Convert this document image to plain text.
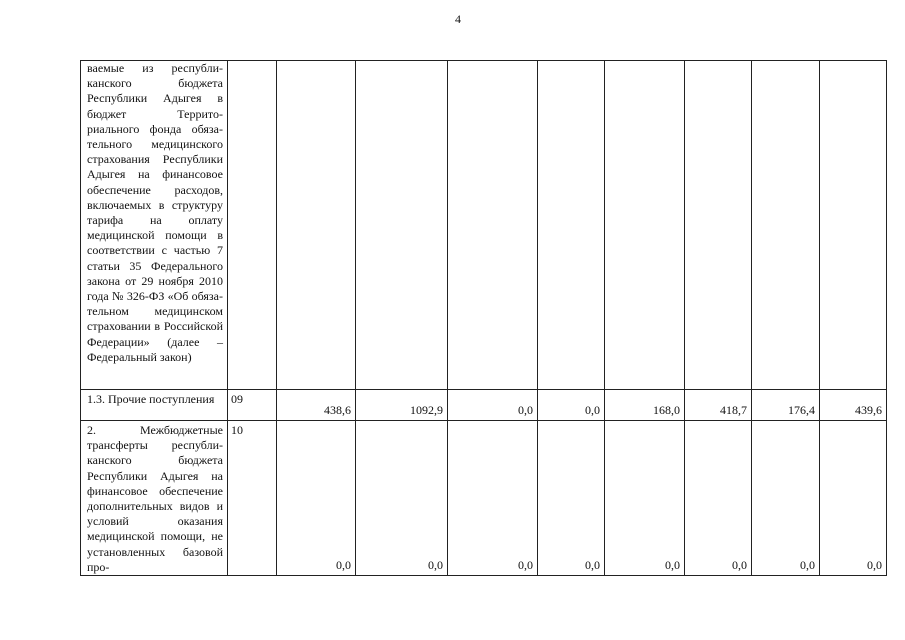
4
ваемые из республиканского бюджета Республики Адыгея в бюджет Территориального фонда обязательного медицинского страхования Республики Адыгея на финансовое обеспечение расходов, включаемых в структуру тарифа на оплату медицинской помощи в соответствии с частью 7 статьи 35 Федерального закона от 29 ноября 2010 года № 326-ФЗ «Об обязательном медицинском страховании в Российской Федерации» (далее – Федеральный закон)									
1.3. Прочие поступления	09	438,6	1092,9	0,0	0,0	168,0	418,7	176,4	439,6
2. Межбюджетные трансферты республиканского бюджета Республики Адыгея на финансовое обеспечение дополнительных видов и условий оказания медицинской помощи, не установленных базовой про-	10	0,0	0,0	0,0	0,0	0,0	0,0	0,0	0,0
